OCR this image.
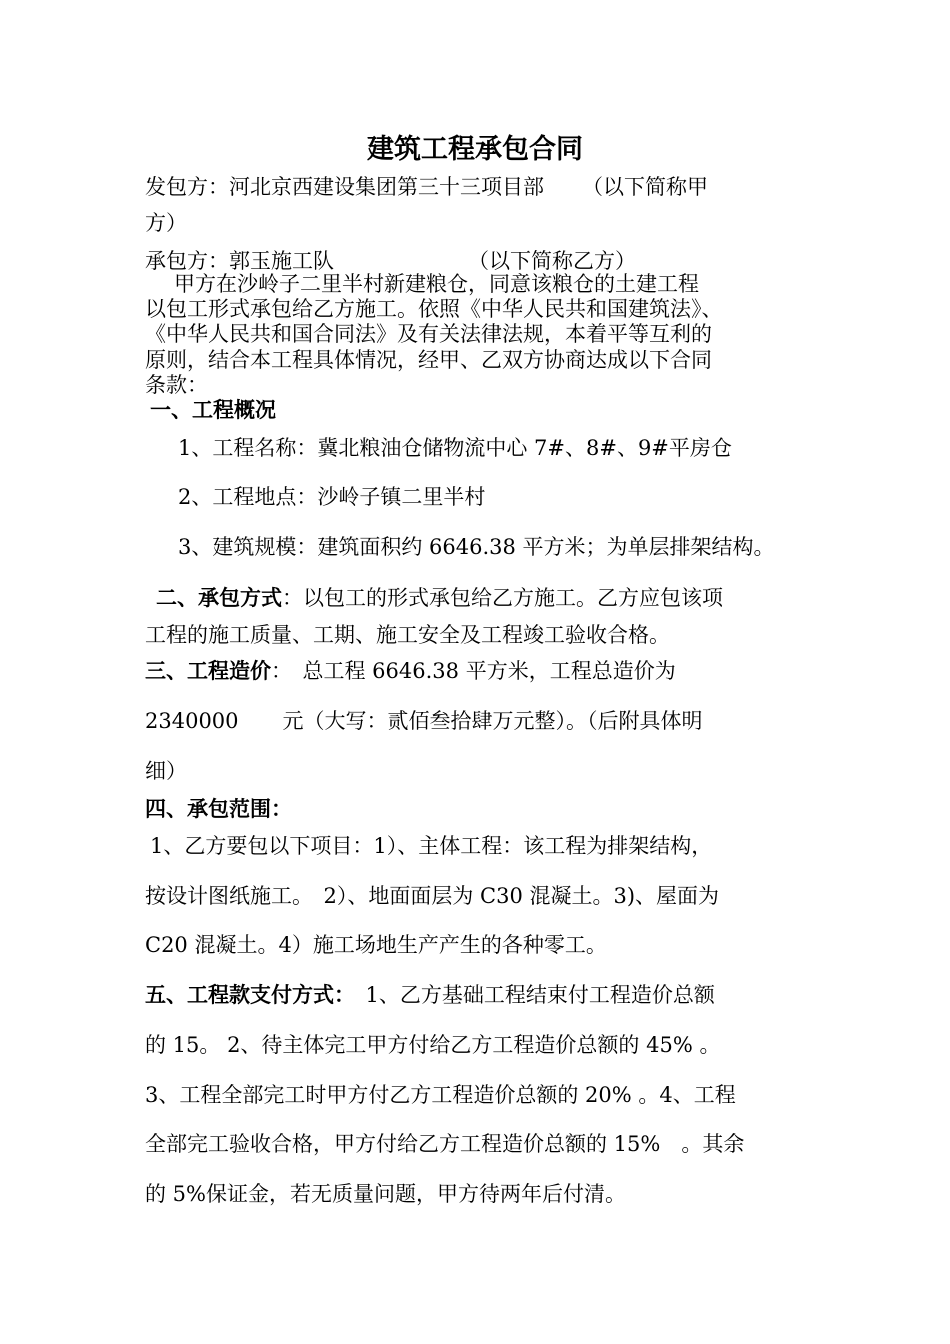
建筑工程承包合同
发包方：河北京西建设集团第三十三项目部 （以下简称甲
方）
承包方：郭玉施工队	（以下简称乙方）
甲方在沙岭子二里半村新建粮仓，同意该粮仓的土建工程
以包工形式承包给乙方施工。依照《中华人民共和国建筑法》、
《中华人民共和国合同法》及有关法律法规，本着平等互利的
原则，结合本工程具体情况，经甲、乙双方协商达成以下合同
条款：
一、工程概况
1、工程名称：冀北粮油仓储物流中心 7#、8#、9#平房仓
2、工程地点：沙岭子镇二里半村
3、建筑规模：建筑面积约 6646.38 平方米；为单层排架结构。
二、承包方式：以包工的形式承包给乙方施工。乙方应包该项
工程的施工质量、工期、施工安全及工程竣工验收合格。
三、工程造价：　总工程 6646.38 平方米，工程总造价为
2340000 元（大写：贰佰叁拾肆万元整）。（后附具体明
细）
四、承包范围：
1、乙方要包以下项目：1）、主体工程：该工程为排架结构，
按设计图纸施工。　2）、地面面层为 C30 混凝土。3)、屋面为
C20 混凝土。4）施工场地生产产生的各种零工。
五、工程款支付方式：　1、乙方基础工程结束付工程造价总额
的 15。 2、待主体完工甲方付给乙方工程造价总额的 45% 。
3、工程全部完工时甲方付乙方工程造价总额的 20% 。4、工程
全部完工验收合格，甲方付给乙方工程造价总额的 15%　。其余
的 5%保证金，若无质量问题，甲方待两年后付清。
